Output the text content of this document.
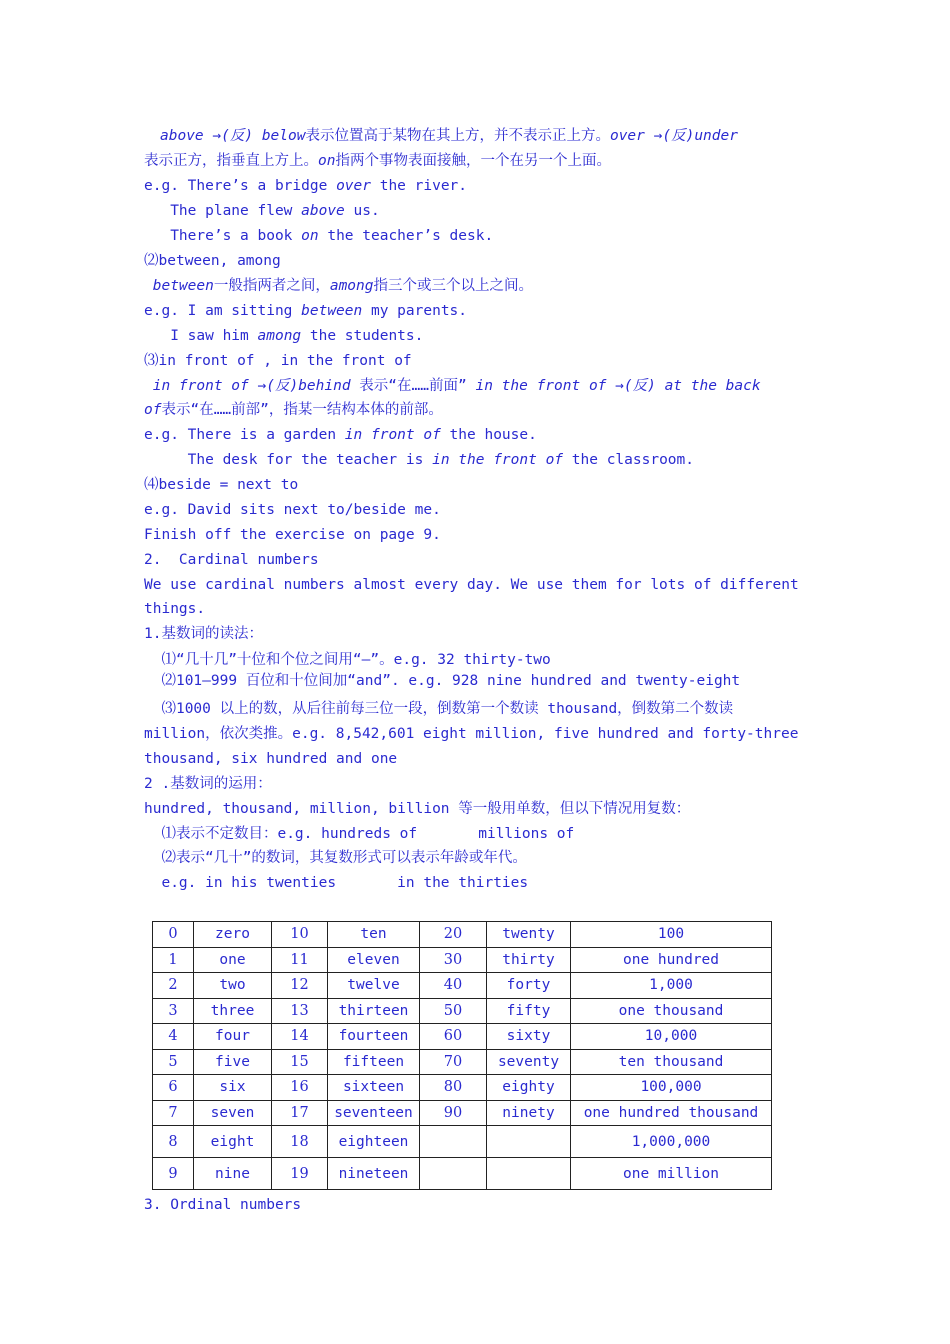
above →(反) below表示位置高于某物在其上方，并不表示正上方。over →(反)under
表示正方，指垂直上方上。on指两个事物表面接触，一个在另一个上面。
e.g. There’s a bridge over the river.
The plane flew above us.
There’s a book on the teacher’s desk.
⑵between, among
between一般指两者之间，among指三个或三个以上之间。
e.g. I am sitting between my parents.
I saw him among the students.
⑶in front of , in the front of
in front of →(反)behind 表示“在……前面” in the front of →(反) at the back
of表示“在……前部”，指某一结构本体的前部。
e.g. There is a garden in front of the house.
The desk for the teacher is in the front of the classroom.
⑷beside = next to
e.g. David sits next to/beside me.
Finish off the exercise on page 9.
2.  Cardinal numbers
We use cardinal numbers almost every day. We use them for lots of different
things.
1.基数词的读法：
⑴“几十几”十位和个位之间用“—”。e.g. 32 thirty-two
⑵101—999 百位和十位间加“and”. e.g. 928 nine hundred and twenty-eight
⑶1000 以上的数，从后往前每三位一段，倒数第一个数读 thousand，倒数第二个数读
million，依次类推。e.g. 8,542,601 eight million, five hundred and forty-three
thousand, six hundred and one
2 .基数词的运用：
hundred, thousand, million, billion 等一般用单数，但以下情况用复数：
⑴表示不定数目：e.g. hundreds of       millions of
⑵表示“几十”的数词，其复数形式可以表示年龄或年代。
e.g. in his twenties       in the thirties
0	zero	10	ten	20	twenty	100
1	one	11	eleven	30	thirty	one hundred
2	two	12	twelve	40	forty	1,000
3	three	13	thirteen	50	fifty	one thousand
4	four	14	fourteen	60	sixty	10,000
5	five	15	fifteen	70	seventy	ten thousand
6	six	16	sixteen	80	eighty	100,000
7	seven	17	seventeen	90	ninety	one hundred thousand
8	eight	18	eighteen			1,000,000
9	nine	19	nineteen			one million
3. Ordinal numbers
